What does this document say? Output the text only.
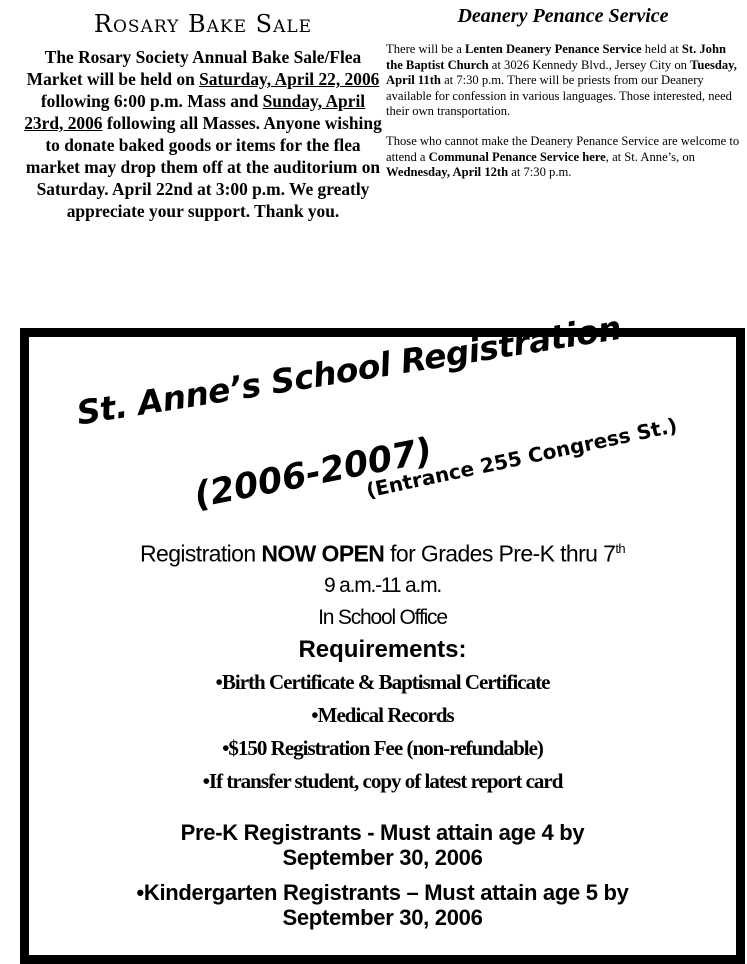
Rosary Bake Sale

The Rosary Society Annual Bake Sale/Flea Market will be held on Saturday, April 22, 2006 following 6:00 p.m. Mass and Sunday, April 23rd, 2006 following all Masses. Anyone wishing to donate baked goods or items for the flea market may drop them off at the auditorium on Saturday. April 22nd at 3:00 p.m. We greatly appreciate your support. Thank you.

Deanery Penance Service

There will be a Lenten Deanery Penance Service held at St. John the Baptist Church at 3026 Kennedy Blvd., Jersey City on Tuesday, April 11th at 7:30 p.m. There will be priests from our Deanery available for confession in various languages. Those interested, need their own transportation.

Those who cannot make the Deanery Penance Service are welcome to attend a Communal Penance Service here, at St. Anne’s, on Wednesday, April 12th at 7:30 p.m.

St. Anne’s School Registration
(2006-2007)
(Entrance 255 Congress St.)

Registration NOW OPEN for Grades Pre-K thru 7th

9 a.m.-11 a.m.

In School Office

Requirements:

•Birth Certificate & Baptismal Certificate

•Medical Records

•$150 Registration Fee (non-refundable)

•If transfer student, copy of latest report card

Pre-K Registrants - Must attain age 4 by
September 30, 2006

•Kindergarten Registrants – Must attain age 5 by
September 30, 2006
